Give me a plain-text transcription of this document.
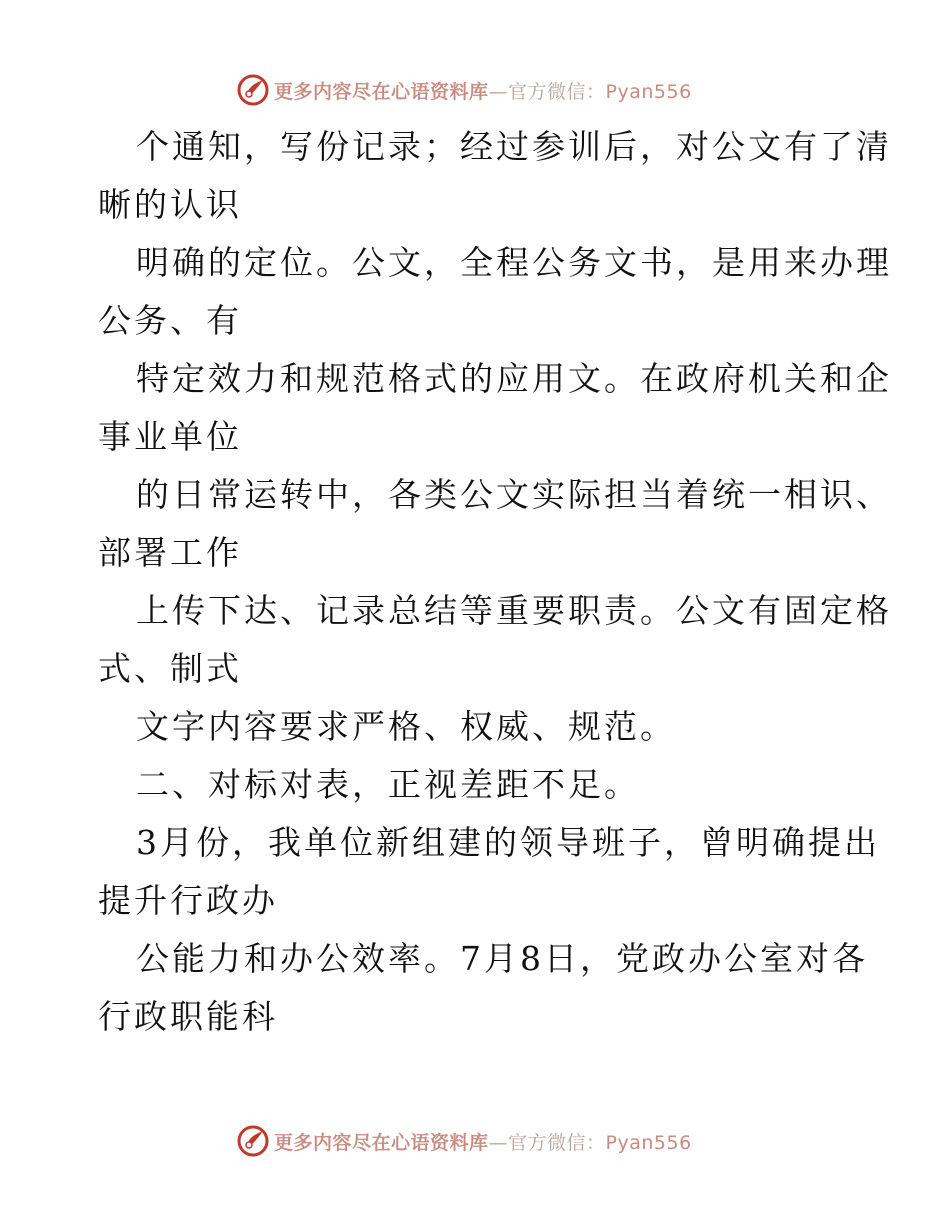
更多内容尽在心语资料库—官方微信：Pyan556
个通知，写份记录；经过参训后，对公文有了清
晰的认识
明确的定位。公文，全程公务文书，是用来办理
公务、有
特定效力和规范格式的应用文。在政府机关和企
事业单位
的日常运转中，各类公文实际担当着统一相识、
部署工作
上传下达、记录总结等重要职责。公文有固定格
式、制式
文字内容要求严格、权威、规范。
二、对标对表，正视差距不足。
3月份，我单位新组建的领导班子，曾明确提出
提升行政办
公能力和办公效率。7月8日，党政办公室对各
行政职能科
更多内容尽在心语资料库—官方微信：Pyan556
